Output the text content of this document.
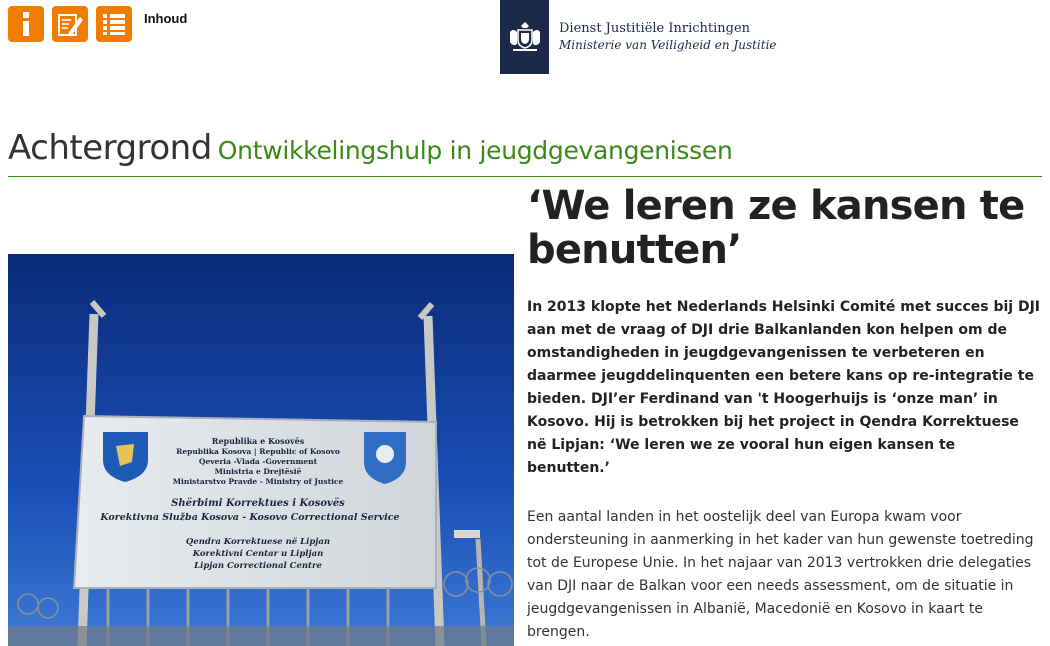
Inhoud
Dienst Justitiële Inrichtingen
Ministerie van Veiligheid en Justitie
Achtergrond Ontwikkelingshulp in jeugdgevangenissen
Republika e Kosovës
Republika Kosova | Republic of Kosovo
Qeveria -Vlada -Government
Ministria e Drejtësië
Ministarstvo Pravde - Ministry of Justice
Shërbimi Korrektues i Kosovës
Korektivna Služba Kosova - Kosovo Correctional Service
Qendra Korrektuese në Lipjan
Korektivni Centar u Lipljan
Lipjan Correctional Centre
‘We leren ze kansen te benutten’

In 2013 klopte het Nederlands Helsinki Comité met succes bij DJI aan met de vraag of DJI drie Balkanlanden kon helpen om de omstandigheden in jeugdgevangenissen te verbeteren en daarmee jeugddelinquenten een betere kans op re-integratie te bieden. DJI’er Ferdinand van 't Hoogerhuijs is ‘onze man’ in Kosovo. Hij is betrokken bij het project in Qendra Korrektuese në Lipjan: ‘We leren we ze vooral hun eigen kansen te benutten.’

Een aantal landen in het oostelijk deel van Europa kwam voor ondersteuning in aanmerking in het kader van hun gewenste toetreding tot de Europese Unie. In het najaar van 2013 vertrokken drie delegaties van DJI naar de Balkan voor een needs assessment, om de situatie in jeugdgevangenissen in Albanië, Macedonië en Kosovo in kaart te brengen.
